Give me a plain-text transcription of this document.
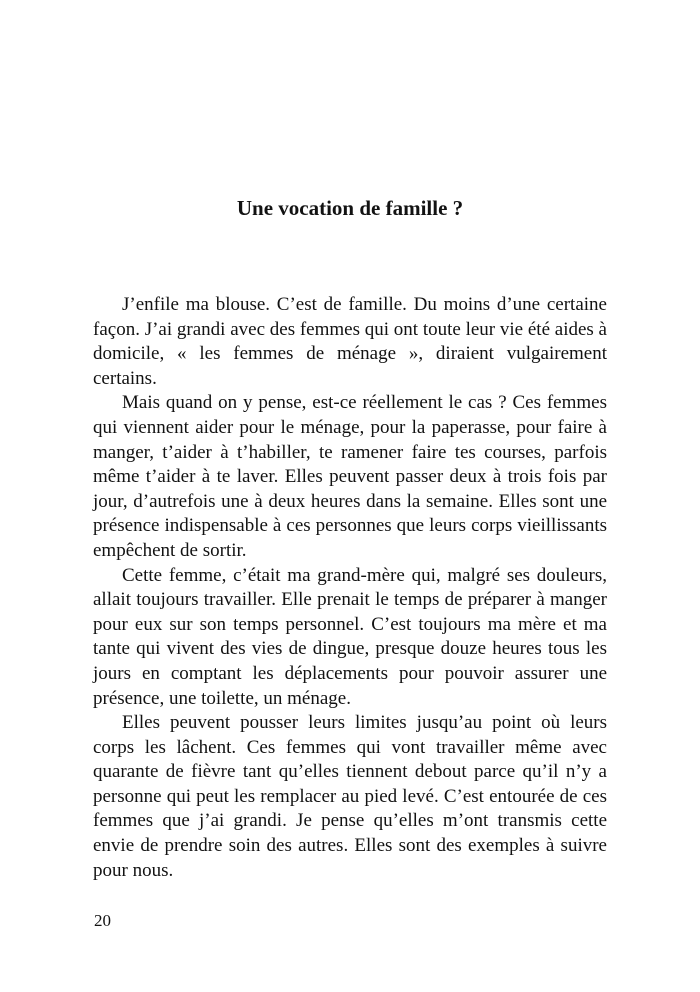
Une vocation de famille ?

J’enfile ma blouse. C’est de famille. Du moins d’une certaine façon. J’ai grandi avec des femmes qui ont toute leur vie été aides à domicile, « les femmes de ménage », diraient vulgairement certains.

Mais quand on y pense, est-ce réellement le cas ? Ces femmes qui viennent aider pour le ménage, pour la paperasse, pour faire à manger, t’aider à t’habiller, te ramener faire tes courses, parfois même t’aider à te laver. Elles peuvent passer deux à trois fois par jour, d’autrefois une à deux heures dans la semaine. Elles sont une présence indispensable à ces personnes que leurs corps vieillissants empêchent de sortir.

Cette femme, c’était ma grand-mère qui, malgré ses douleurs, allait toujours travailler. Elle prenait le temps de préparer à manger pour eux sur son temps personnel. C’est toujours ma mère et ma tante qui vivent des vies de dingue, presque douze heures tous les jours en comptant les déplacements pour pouvoir assurer une présence, une toilette, un ménage.

Elles peuvent pousser leurs limites jusqu’au point où leurs corps les lâchent. Ces femmes qui vont travailler même avec quarante de fièvre tant qu’elles tiennent debout parce qu’il n’y a personne qui peut les remplacer au pied levé. C’est entourée de ces femmes que j’ai grandi. Je pense qu’elles m’ont transmis cette envie de prendre soin des autres. Elles sont des exemples à suivre pour nous.

20
